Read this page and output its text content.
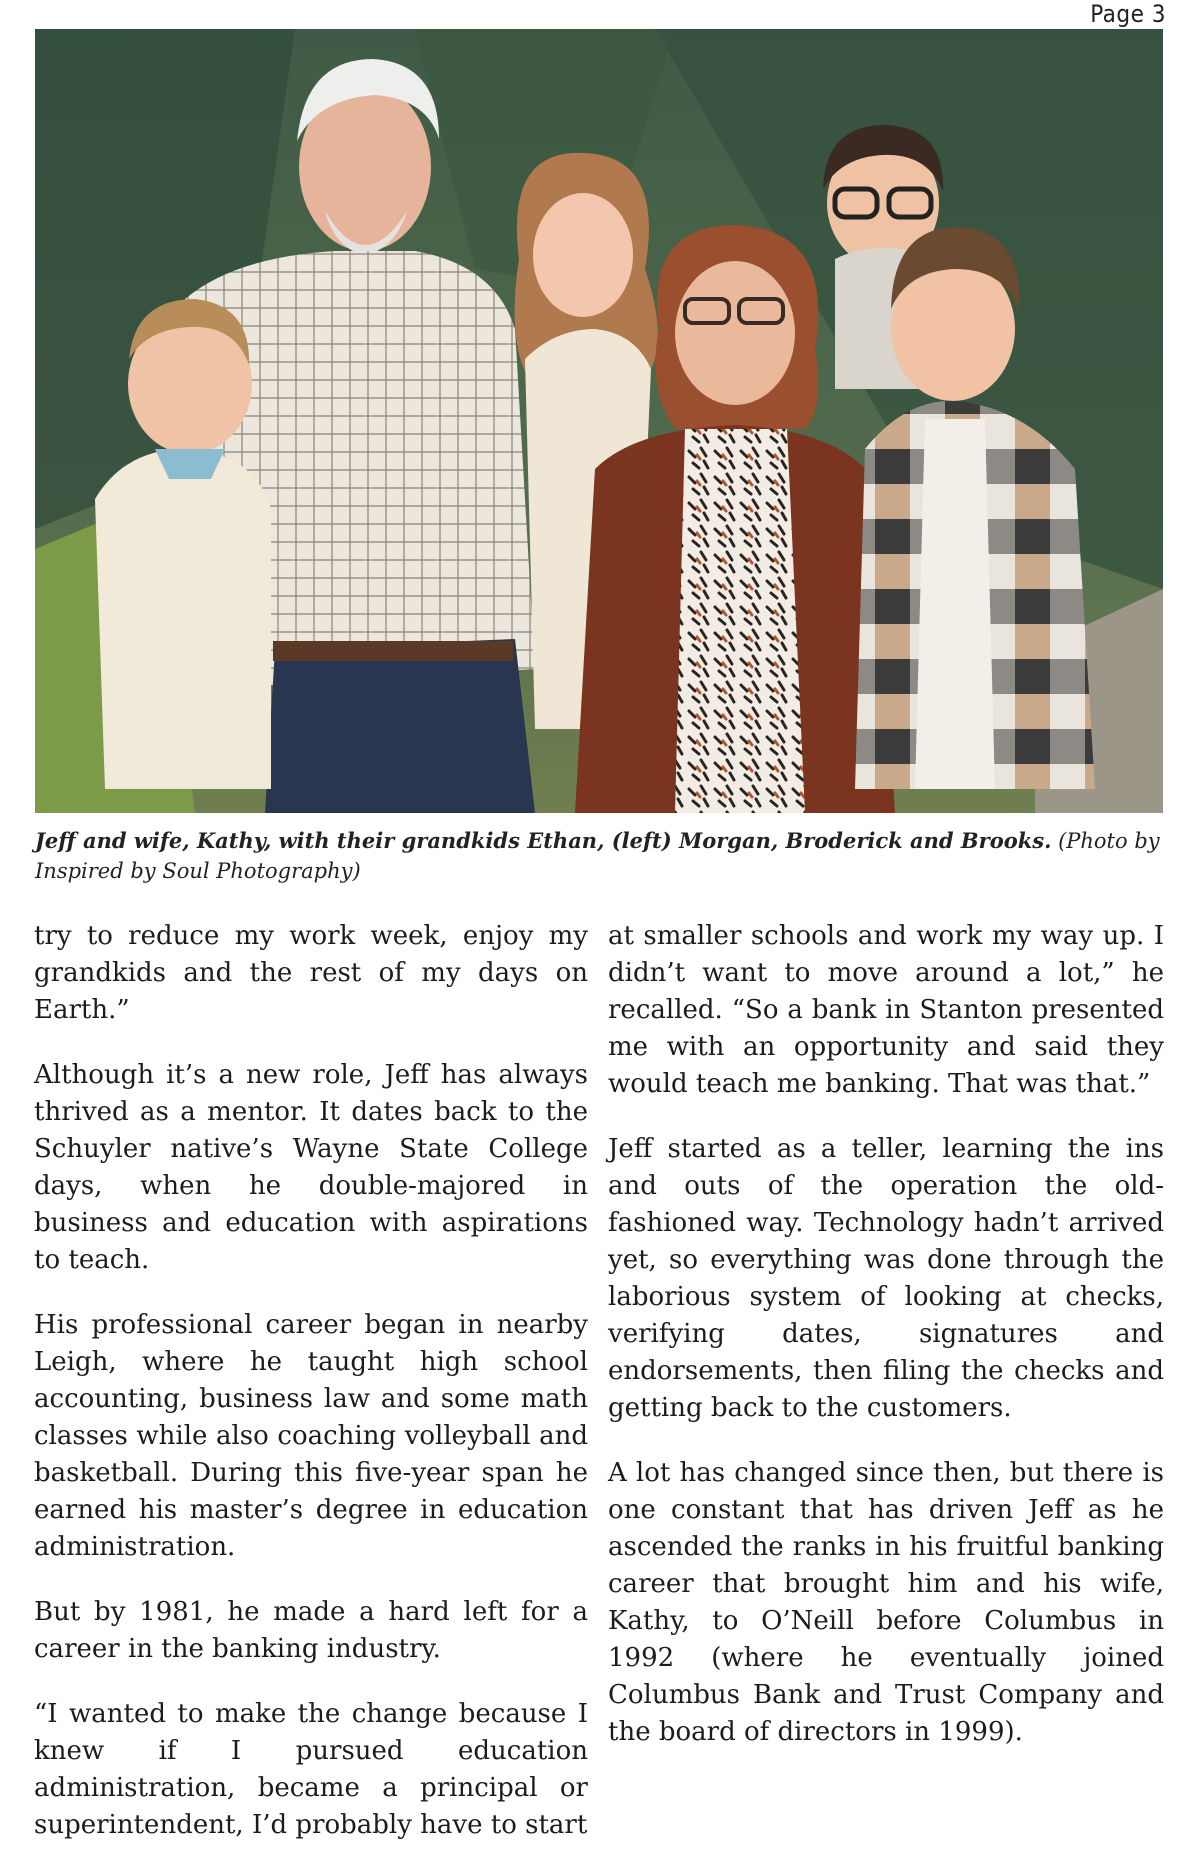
Page 3
Jeff and wife, Kathy, with their grandkids Ethan, (left) Morgan, Broderick and Brooks. (Photo by Inspired by Soul Photography)

try to reduce my work week, enjoy my grandkids and the rest of my days on Earth.”

Although it’s a new role, Jeff has always thrived as a mentor. It dates back to the Schuyler native’s Wayne State College days, when he double-majored in business and education with aspirations to teach.

His professional career began in nearby Leigh, where he taught high school accounting, business law and some math classes while also coaching volleyball and basketball. During this five-year span he earned his master’s degree in education administration.

But by 1981, he made a hard left for a career in the banking industry.

“I wanted to make the change because I knew if I pursued education administration, became a principal or superintendent, I’d probably have to start

at smaller schools and work my way up. I didn’t want to move around a lot,” he recalled. “So a bank in Stanton presented me with an opportunity and said they would teach me banking. That was that.”

Jeff started as a teller, learning the ins and outs of the operation the old-fashioned way. Technology hadn’t arrived yet, so everything was done through the laborious system of looking at checks, verifying dates, signatures and endorsements, then filing the checks and getting back to the customers.

A lot has changed since then, but there is one constant that has driven Jeff as he ascended the ranks in his fruitful banking career that brought him and his wife, Kathy, to O’Neill before Columbus in 1992 (where he eventually joined Columbus Bank and Trust Company and the board of directors in 1999).
